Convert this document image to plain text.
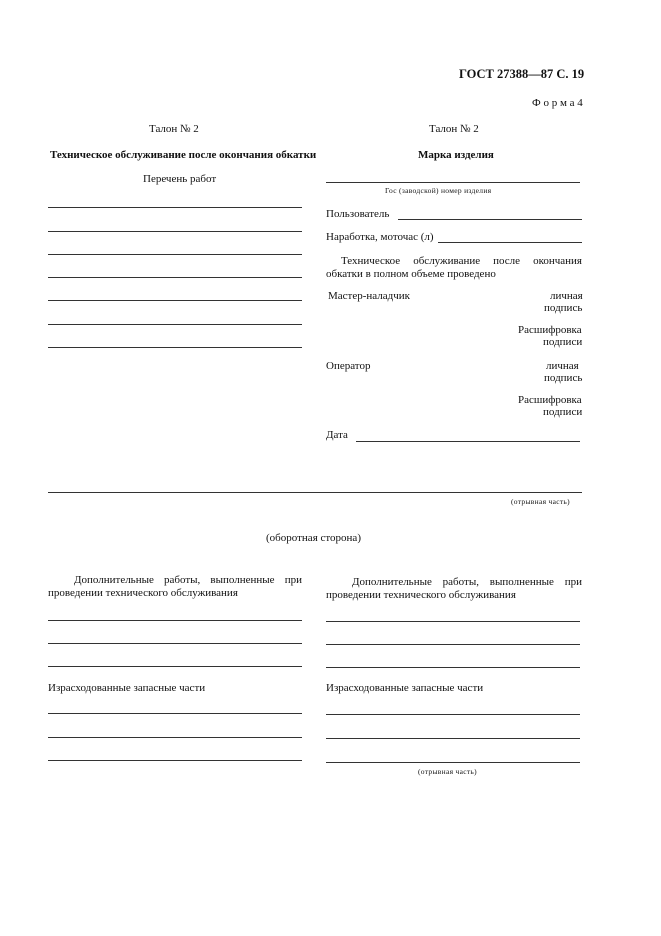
ГОСТ 27388—87 С. 19
Ф о р м а 4
Талон № 2
Техническое обслуживание после окончания обкатки
Перечень работ
Талон № 2
Марка изделия
Гос (заводской) номер изделия
Пользователь
Наработка, моточас (л)
Техническое обслуживание после окончания обкатки в полном объеме проведено
Мастер-наладчик	личная
подпись
Расшифровка
подписи
Оператор	личная
подпись
Расшифровка
подписи
Дата
(отрывная часть)
(оборотная сторона)
Дополнительные работы, выполненные при проведении технического обслуживания
Израсходованные запасные части
Дополнительные работы, выполненные при проведении технического обслуживания
Израсходованные запасные части
(отрывная часть)
